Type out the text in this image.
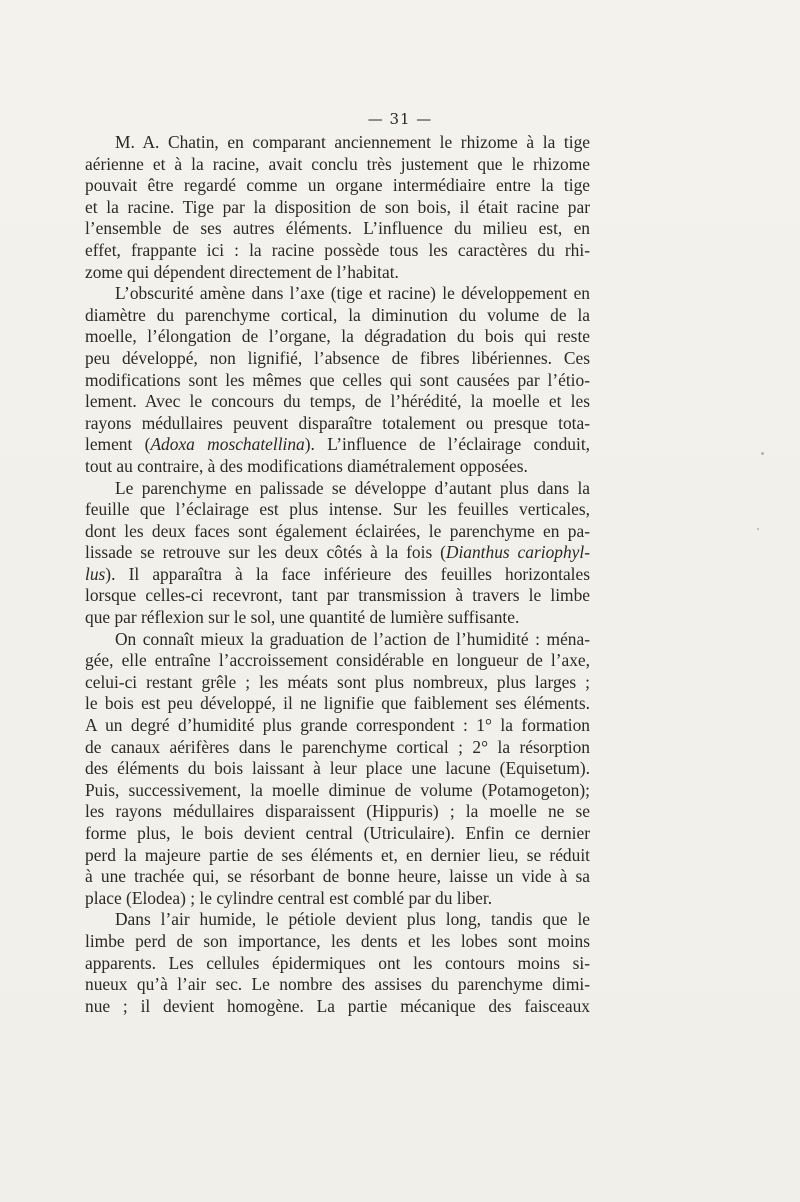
— 31 —
M. A. Chatin, en comparant anciennement le rhizome à la tige
aérienne et à la racine, avait conclu très justement que le rhizome
pouvait être regardé comme un organe intermédiaire entre la tige
et la racine. Tige par la disposition de son bois, il était racine par
l’ensemble de ses autres éléments. L’influence du milieu est, en
effet, frappante ici : la racine possède tous les caractères du rhi-
zome qui dépendent directement de l’habitat.
L’obscurité amène dans l’axe (tige et racine) le développement en
diamètre du parenchyme cortical, la diminution du volume de la
moelle, l’élongation de l’organe, la dégradation du bois qui reste
peu développé, non lignifié, l’absence de fibres libériennes. Ces
modifications sont les mêmes que celles qui sont causées par l’étio-
lement. Avec le concours du temps, de l’hérédité, la moelle et les
rayons médullaires peuvent disparaître totalement ou presque tota-
lement (Adoxa moschatellina). L’influence de l’éclairage conduit,
tout au contraire, à des modifications diamétralement opposées.
Le parenchyme en palissade se développe d’autant plus dans la
feuille que l’éclairage est plus intense. Sur les feuilles verticales,
dont les deux faces sont également éclairées, le parenchyme en pa-
lissade se retrouve sur les deux côtés à la fois (Dianthus cariophyl-
lus). Il apparaîtra à la face inférieure des feuilles horizontales
lorsque celles-ci recevront, tant par transmission à travers le limbe
que par réflexion sur le sol, une quantité de lumière suffisante.
On connaît mieux la graduation de l’action de l’humidité : ména-
gée, elle entraîne l’accroissement considérable en longueur de l’axe,
celui-ci restant grêle ; les méats sont plus nombreux, plus larges ;
le bois est peu développé, il ne lignifie que faiblement ses éléments.
A un degré d’humidité plus grande correspondent : 1° la formation
de canaux aérifères dans le parenchyme cortical ; 2° la résorption
des éléments du bois laissant à leur place une lacune (Equisetum).
Puis, successivement, la moelle diminue de volume (Potamogeton);
les rayons médullaires disparaissent (Hippuris) ; la moelle ne se
forme plus, le bois devient central (Utriculaire). Enfin ce dernier
perd la majeure partie de ses éléments et, en dernier lieu, se réduit
à une trachée qui, se résorbant de bonne heure, laisse un vide à sa
place (Elodea) ; le cylindre central est comblé par du liber.
Dans l’air humide, le pétiole devient plus long, tandis que le
limbe perd de son importance, les dents et les lobes sont moins
apparents. Les cellules épidermiques ont les contours moins si-
nueux qu’à l’air sec. Le nombre des assises du parenchyme dimi-
nue ; il devient homogène. La partie mécanique des faisceaux
